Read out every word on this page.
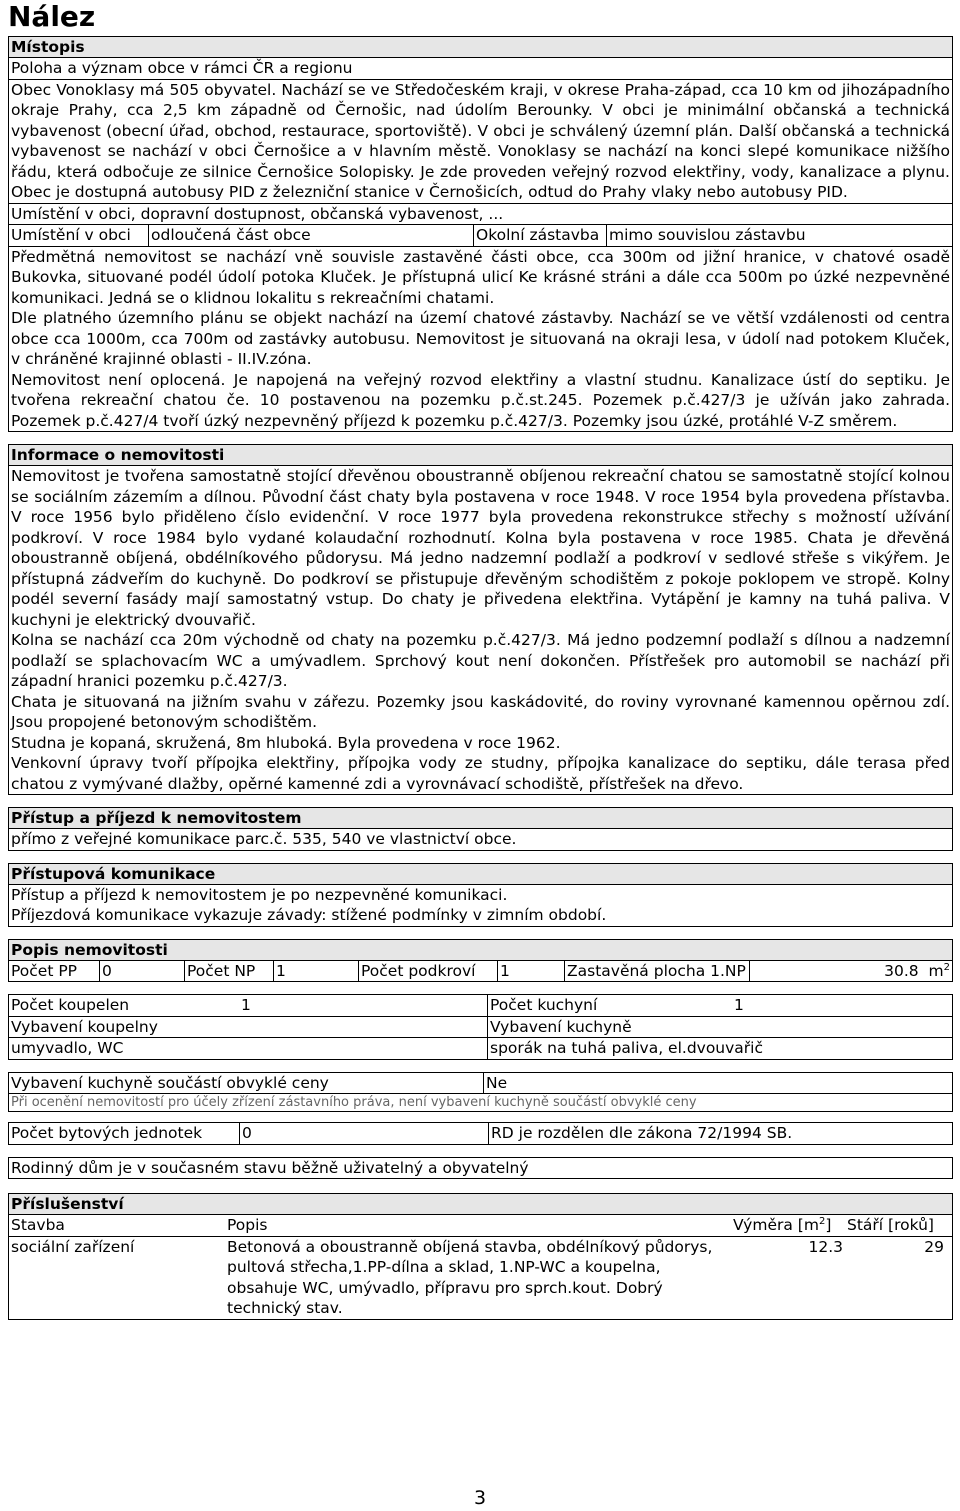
Nález
Místopis
Poloha a význam obce v rámci ČR a regionu
Obec Vonoklasy má 505 obyvatel. Nachází se ve Středočeském kraji, v okrese Praha-západ, cca 10 km od jihozápadního okraje Prahy, cca 2,5 km západně od Černošic, nad údolím Berounky. V obci je minimální občanská a technická vybavenost (obecní úřad, obchod, restaurace, sportoviště). V obci je schválený územní plán. Další občanská a technická vybavenost se nachází v obci Černošice a v hlavním městě. Vonoklasy se nachází na konci slepé komunikace nižšího řádu, která odbočuje ze silnice Černošice Solopisky. Je zde proveden veřejný rozvod elektřiny, vody, kanalizace a plynu. Obec je dostupná autobusy PID z železniční stanice v Černošicích, odtud do Prahy vlaky nebo autobusy PID.
Umístění v obci, dopravní dostupnost, občanská vybavenost, ...
Umístění v obci	odloučená část obce	Okolní zástavba	mimo souvislou zástavbu
Předmětná nemovitost se nachází vně souvisle zastavěné části obce, cca 300m od jižní hranice, v chatové osadě Bukovka, situované podél údolí potoka Kluček. Je přístupná ulicí Ke krásné stráni a dále cca 500m po úzké nezpevněné komunikaci. Jedná se o klidnou lokalitu s rekreačními chatami.
Dle platného územního plánu se objekt nachází na území chatové zástavby. Nachází se ve větší vzdálenosti od centra obce cca 1000m, cca 700m od zastávky autobusu. Nemovitost je situovaná na okraji lesa, v údolí nad potokem Kluček, v chráněné krajinné oblasti - II.IV.zóna.
Nemovitost není oplocená. Je napojená na veřejný rozvod elektřiny a vlastní studnu. Kanalizace ústí do septiku. Je tvořena rekreační chatou če. 10 postavenou na pozemku p.č.st.245. Pozemek p.č.427/3 je užíván jako zahrada. Pozemek p.č.427/4 tvoří úzký nezpevněný příjezd k pozemku p.č.427/3. Pozemky jsou úzké, protáhlé V-Z směrem.
Informace o nemovitosti
Nemovitost je tvořena samostatně stojící dřevěnou oboustranně obíjenou rekreační chatou se samostatně stojící kolnou se sociálním zázemím a dílnou. Původní část chaty byla postavena v roce 1948. V roce 1954 byla provedena přístavba. V roce 1956 bylo přiděleno číslo evidenční. V roce 1977 byla provedena rekonstrukce střechy s možností užívání podkroví. V roce 1984 bylo vydané kolaudační rozhodnutí. Kolna byla postavena v roce 1985. Chata je dřevěná oboustranně obíjená, obdélníkového půdorysu. Má jedno nadzemní podlaží a podkroví v sedlové střeše s vikýřem. Je přístupná zádveřím do kuchyně. Do podkroví se přistupuje dřevěným schodištěm z pokoje poklopem ve stropě. Kolny podél severní fasády mají samostatný vstup. Do chaty je přivedena elektřina. Vytápění je kamny na tuhá paliva. V kuchyni je elektrický dvouvařič.
Kolna se nachází cca 20m východně od chaty na pozemku p.č.427/3. Má jedno podzemní podlaží s dílnou a nadzemní podlaží se splachovacím WC a umývadlem. Sprchový kout není dokončen. Přístřešek pro automobil se nachází při západní hranici pozemku p.č.427/3.
Chata je situovaná na jižním svahu v zářezu. Pozemky jsou kaskádovité, do roviny vyrovnané kamennou opěrnou zdí. Jsou propojené betonovým schodištěm.
Studna je kopaná, skružená, 8m hluboká. Byla provedena v roce 1962.
Venkovní úpravy tvoří přípojka elektřiny, přípojka vody ze studny, přípojka kanalizace do septiku, dále terasa před chatou z vymývané dlažby, opěrné kamenné zdi a vyrovnávací schodiště, přístřešek na dřevo.
Přístup a příjezd k nemovitostem
přímo z veřejné komunikace parc.č. 535, 540 ve vlastnictví obce.
Přístupová komunikace
Přístup a příjezd k nemovitostem je po nezpevněné komunikaci.
Příjezdová komunikace vykazuje závady: stížené podmínky v zimním období.
Popis nemovitosti
Počet PP	0	Počet NP	1	Počet podkroví	1	Zastavěná plocha 1.NP	30.8 $m^2$
Počet koupelen	1	Počet kuchyní	1
Vybavení koupelny		Vybavení kuchyně	
umyvadlo, WC		sporák na tuhá paliva, el.dvouvařič	
Vybavení kuchyně součástí obvyklé ceny	Ne
Při ocenění nemovitostí pro účely zřízení zástavního práva, není vybavení kuchyně součástí obvyklé ceny
Počet bytových jednotek	0	RD je rozdělen dle zákona 72/1994 SB.
Rodinný dům je v současném stavu běžně uživatelný a obyvatelný
Příslušenství
Stavba	Popis	Výměra $[m^2]$	Stáří [roků]
sociální zařízení	Betonová a oboustranně obíjená stavba, obdélníkový půdorys, pultová střecha,1.PP-dílna a sklad, 1.NP-WC a koupelna, obsahuje WC, umývadlo, přípravu pro sprch.kout. Dobrý technický stav.	12.3	29
3
